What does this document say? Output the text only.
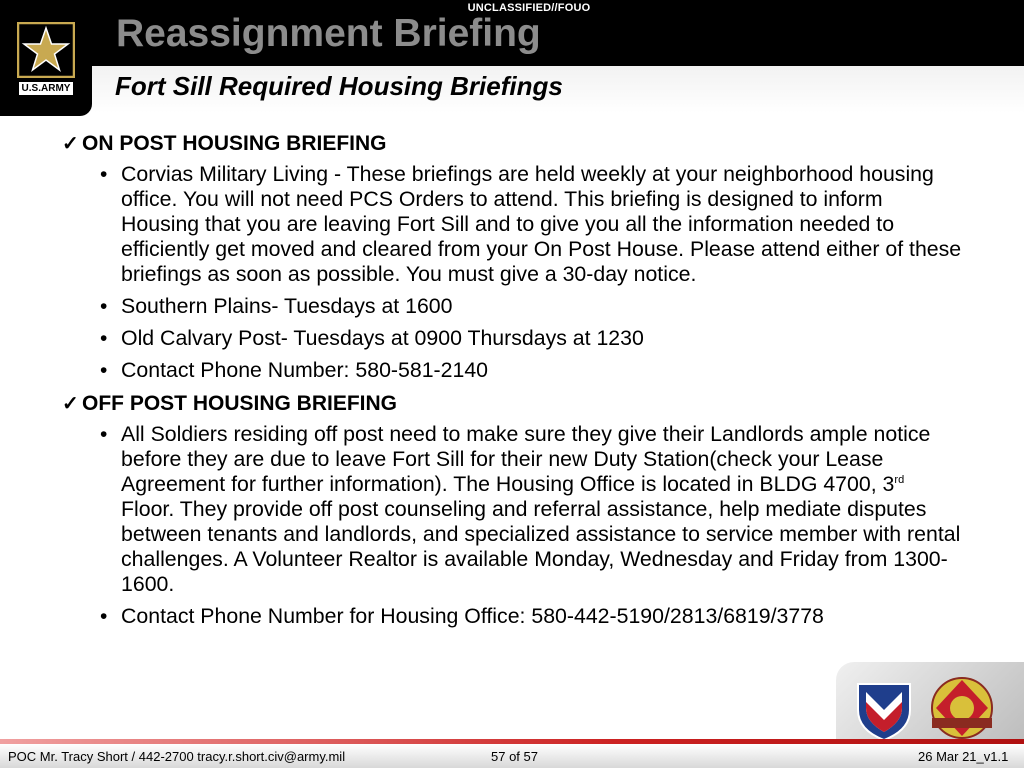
UNCLASSIFIED//FOUO
Reassignment Briefing
Fort Sill Required Housing Briefings
U.S.ARMY
✓ ON POST HOUSING BRIEFING
• Corvias Military Living - These briefings are held weekly at your neighborhood housing office. You will not need PCS Orders to attend. This briefing is designed to inform Housing that you are leaving Fort Sill and to give you all the information needed to efficiently get moved and cleared from your On Post House. Please attend either of these briefings as soon as possible. You must give a 30-day notice.
• Southern Plains- Tuesdays at 1600
• Old Calvary Post- Tuesdays at 0900 Thursdays at 1230
• Contact Phone Number: 580-581-2140
✓ OFF POST HOUSING BRIEFING
• All Soldiers residing off post need to make sure they give their Landlords ample notice before they are due to leave Fort Sill for their new Duty Station(check your Lease Agreement for further information). The Housing Office is located in BLDG 4700, 3rd Floor. They provide off post counseling and referral assistance, help mediate disputes between tenants and landlords, and specialized assistance to service member with rental challenges. A Volunteer Realtor is available Monday, Wednesday and Friday from 1300-1600.
• Contact Phone Number for Housing Office: 580-442-5190/2813/6819/3778
POC Mr. Tracy Short / 442-2700 tracy.r.short.civ@army.mil	57 of 57	26 Mar 21_v1.1
